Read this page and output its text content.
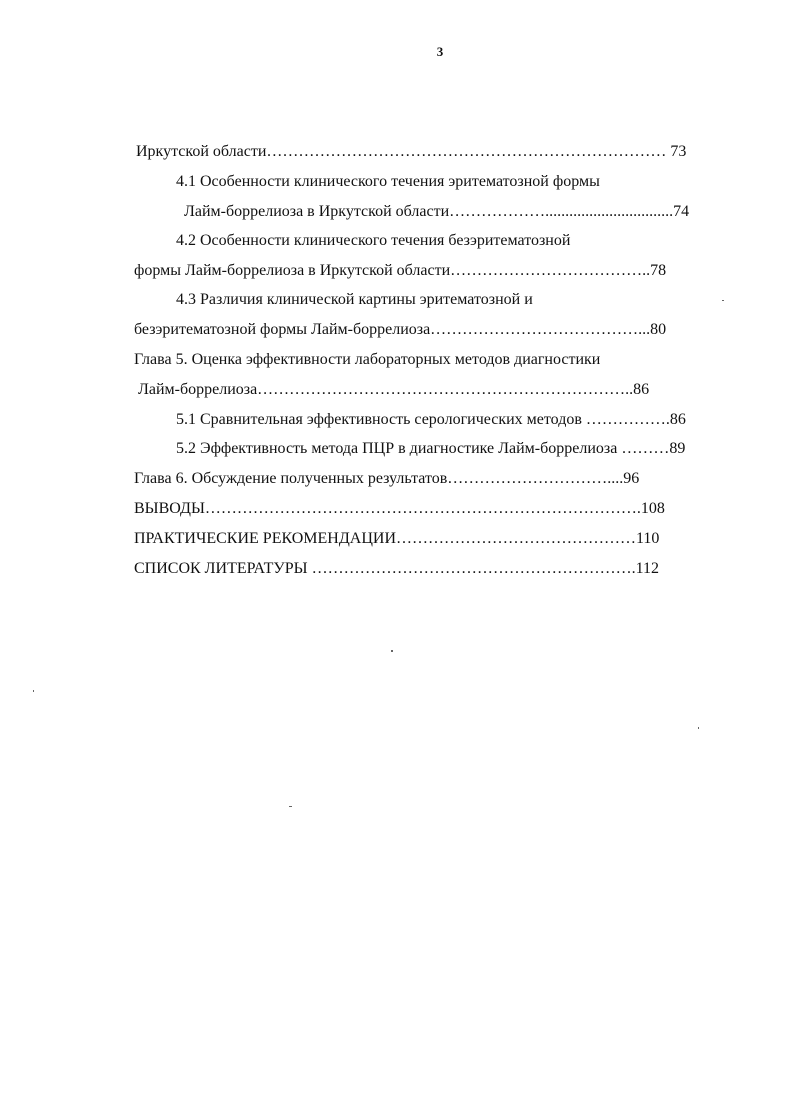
3
Иркутской области………………………………………………………………… 73
4.1 Особенности клинического течения эритематозной формы
Лайм-боррелиоза в Иркутской области………………................................74
4.2 Особенности клинического течения безэритематозной
формы Лайм-боррелиоза в Иркутской области………………………………..78
4.3 Различия клинической картины эритематозной и
безэритематозной формы Лайм-боррелиоза…………………………………...80
Глава 5. Оценка эффективности лабораторных методов диагностики
Лайм-боррелиоза……………………………………………………………..86
5.1 Сравнительная эффективность серологических методов …………….86
5.2 Эффективность метода ПЦР в диагностике Лайм-боррелиоза ………89
Глава 6. Обсуждение полученных результатов…………………………....96
ВЫВОДЫ……………………………………………………………………….108
ПРАКТИЧЕСКИЕ РЕКОМЕНДАЦИИ………………………………………110
СПИСОК ЛИТЕРАТУРЫ …………………………………………………….112
